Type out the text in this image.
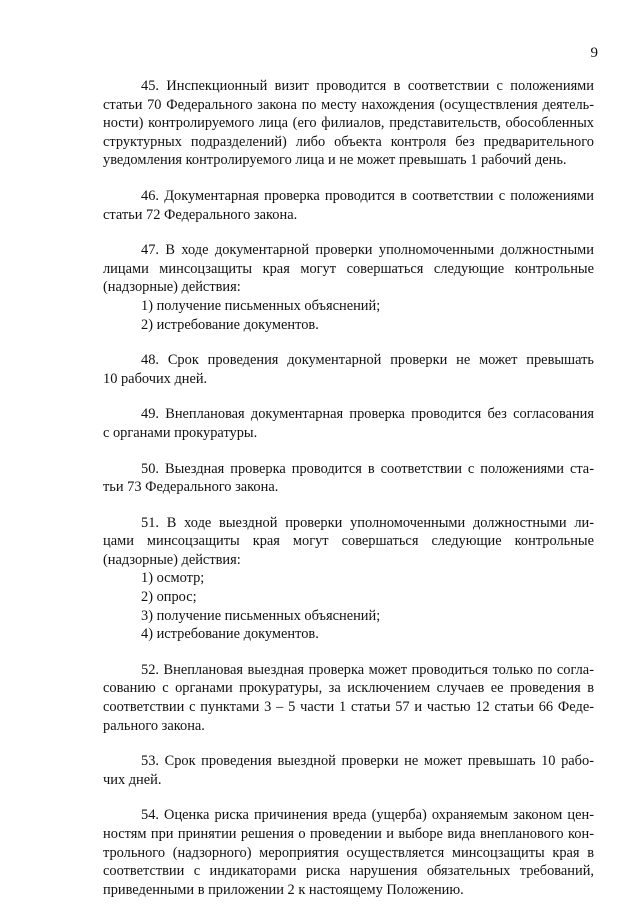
9
45. Инспекционный визит проводится в соответствии с положениями
статьи 70 Федерального закона по месту нахождения (осуществления деятель-
ности) контролируемого лица (его филиалов, представительств, обособленных
структурных подразделений) либо объекта контроля без предварительного
уведомления контролируемого лица и не может превышать 1 рабочий день.
46. Документарная проверка проводится в соответствии с положениями
статьи 72 Федерального закона.
47. В ходе документарной проверки уполномоченными должностными
лицами минсоцзащиты края могут совершаться следующие контрольные
(надзорные) действия:
1) получение письменных объяснений;
2) истребование документов.
48. Срок проведения документарной проверки не может превышать
10 рабочих дней.
49. Внеплановая документарная проверка проводится без согласования
с органами прокуратуры.
50. Выездная проверка проводится в соответствии с положениями ста-
тьи 73 Федерального закона.
51. В ходе выездной проверки уполномоченными должностными ли-
цами минсоцзащиты края могут совершаться следующие контрольные
(надзорные) действия:
1) осмотр;
2) опрос;
3) получение письменных объяснений;
4) истребование документов.
52. Внеплановая выездная проверка может проводиться только по согла-
сованию с органами прокуратуры, за исключением случаев ее проведения в
соответствии с пунктами 3 – 5 части 1 статьи 57 и частью 12 статьи 66 Феде-
рального закона.
53. Срок проведения выездной проверки не может превышать 10 рабо-
чих дней.
54. Оценка риска причинения вреда (ущерба) охраняемым законом цен-
ностям при принятии решения о проведении и выборе вида внепланового кон-
трольного (надзорного) мероприятия осуществляется минсоцзащиты края в
соответствии с индикаторами риска нарушения обязательных требований,
приведенными в приложении 2 к настоящему Положению.
